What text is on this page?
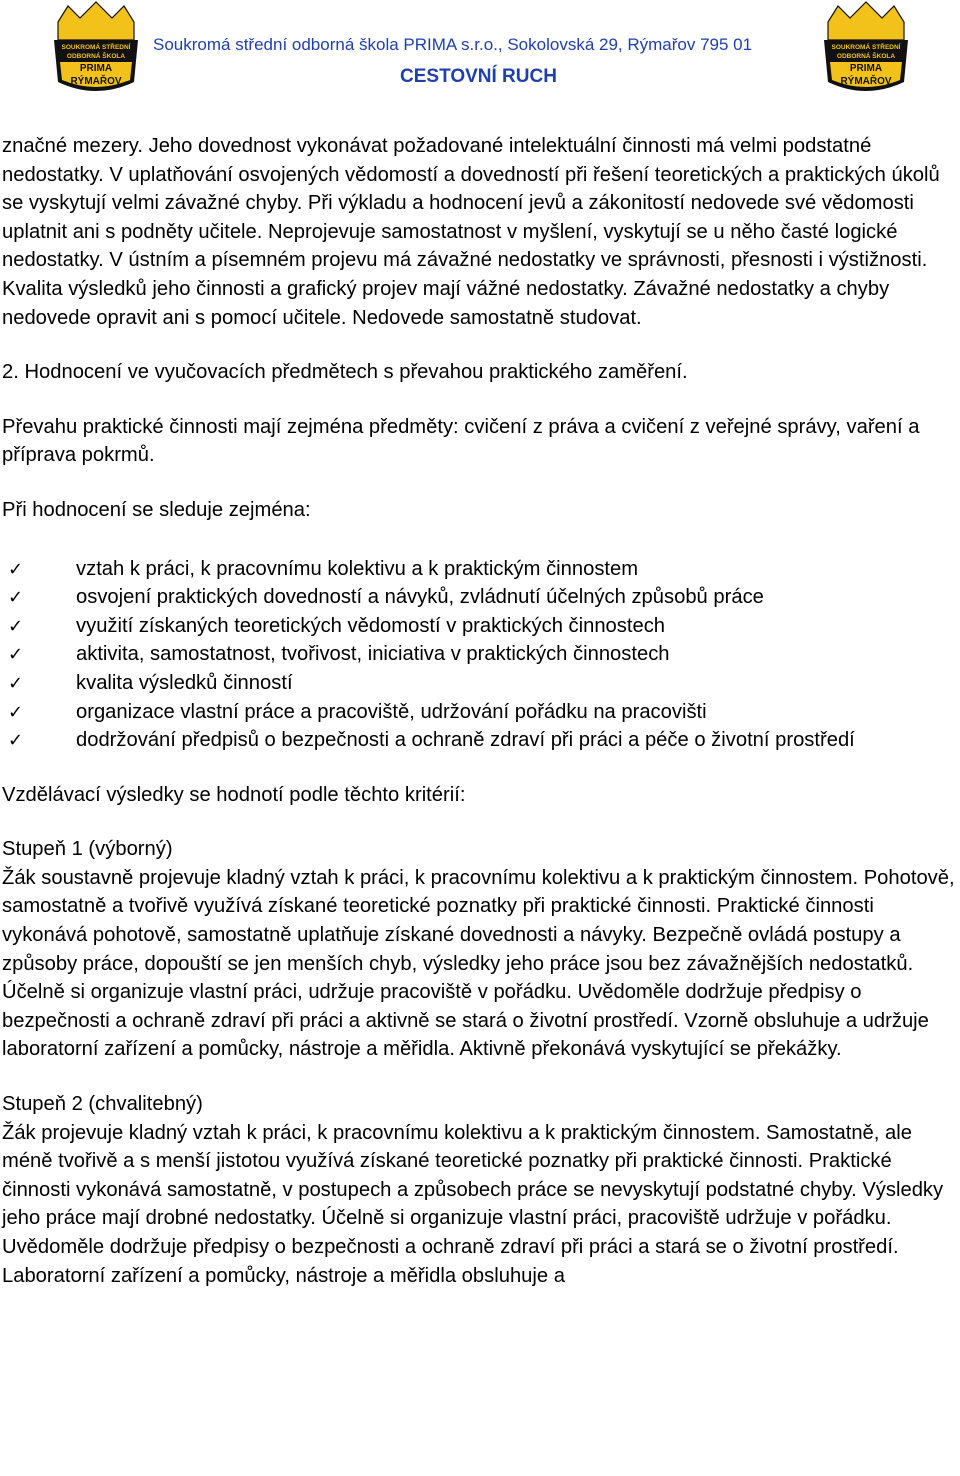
SOUKROMÁ STŘEDNÍ
ODBORNÁ ŠKOLA
PRIMA
RÝMAŘOV
Soukromá střední odborná škola PRIMA s.r.o., Sokolovská 29, Rýmařov 795 01
CESTOVNÍ RUCH
SOUKROMÁ STŘEDNÍ
ODBORNÁ ŠKOLA
PRIMA
RÝMAŘOV

značné mezery. Jeho dovednost vykonávat požadované intelektuální činnosti má velmi podstatné nedostatky. V uplatňování osvojených vědomostí a dovedností při řešení teoretických a praktických úkolů se vyskytují velmi závažné chyby. Při výkladu a hodnocení jevů a zákonitostí nedovede své vědomosti uplatnit ani s podněty učitele. Neprojevuje samostatnost v myšlení, vyskytují se u něho časté logické nedostatky. V ústním a písemném projevu má závažné nedostatky ve správnosti, přesnosti i výstižnosti. Kvalita výsledků jeho činnosti a grafický projev mají vážné nedostatky. Závažné nedostatky a chyby nedovede opravit ani s pomocí učitele. Nedovede samostatně studovat.

2. Hodnocení ve vyučovacích předmětech s převahou praktického zaměření.

Převahu praktické činnosti mají zejména předměty: cvičení z práva a cvičení z veřejné správy, vaření a příprava pokrmů.

Při hodnocení se sleduje zejména:

✓	vztah k práci, k pracovnímu kolektivu a k praktickým činnostem
✓	osvojení praktických dovedností a návyků, zvládnutí účelných způsobů práce
✓	využití získaných teoretických vědomostí v praktických činnostech
✓	aktivita, samostatnost, tvořivost, iniciativa v praktických činnostech
✓	kvalita výsledků činností
✓	organizace vlastní práce a pracoviště, udržování pořádku na pracovišti
✓	dodržování předpisů o bezpečnosti a ochraně zdraví při práci a péče o životní prostředí

Vzdělávací výsledky se hodnotí podle těchto kritérií:

Stupeň 1 (výborný)

Žák soustavně projevuje kladný vztah k práci, k pracovnímu kolektivu a k praktickým činnostem. Pohotově, samostatně a tvořivě využívá získané teoretické poznatky při praktické činnosti. Praktické činnosti vykonává pohotově, samostatně uplatňuje získané dovednosti a návyky. Bezpečně ovládá postupy a způsoby práce, dopouští se jen menších chyb, výsledky jeho práce jsou bez závažnějších nedostatků. Účelně si organizuje vlastní práci, udržuje pracoviště v pořádku. Uvědoměle dodržuje předpisy o bezpečnosti a ochraně zdraví při práci a aktivně se stará o životní prostředí. Vzorně obsluhuje a udržuje laboratorní zařízení a pomůcky, nástroje a měřidla. Aktivně překonává vyskytující se překážky.

Stupeň 2 (chvalitebný)

Žák projevuje kladný vztah k práci, k pracovnímu kolektivu a k praktickým činnostem. Samostatně, ale méně tvořivě a s menší jistotou využívá získané teoretické poznatky při praktické činnosti. Praktické činnosti vykonává samostatně, v postupech a způsobech práce se nevyskytují podstatné chyby. Výsledky jeho práce mají drobné nedostatky. Účelně si organizuje vlastní práci, pracoviště udržuje v pořádku. Uvědoměle dodržuje předpisy o bezpečnosti a ochraně zdraví při práci a stará se o životní prostředí. Laboratorní zařízení a pomůcky, nástroje a měřidla obsluhuje a
